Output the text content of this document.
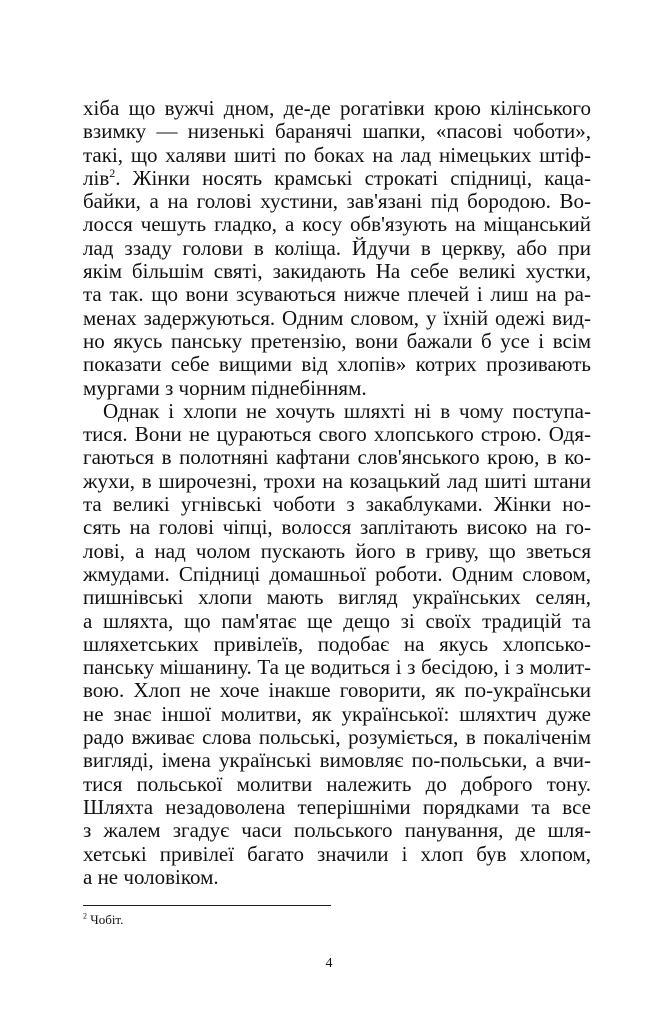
хіба що вужчі дном, де-де рогатівки крою кілінського
взимку — низенькі баранячі шапки, «пасові чоботи»,
такі, що халяви шиті по боках на лад німецьких штіф-
лів$^2$. Жінки носять крамські строкаті спідниці, каца-
байки, а на голові хустини, зав'язані під бородою. Во-
лосся чешуть гладко, а косу обв'язують на міщанський
лад ззаду голови в коліща. Йдучи в церкву, або при
якім більшім святі, закидають На себе великі хустки,
та так. що вони зсуваються нижче плечей і лиш на ра-
менах задержуються. Одним словом, у їхній одежі вид-
но якусь панську претензію, вони бажали б усе і всім
показати себе вищими від хлопів» котрих прозивають
мургами з чорним піднебінням.
Однак і хлопи не хочуть шляхті ні в чому поступа-
тися. Вони не цураються свого хлопського строю. Одя-
гаються в полотняні кафтани слов'янського крою, в ко-
жухи, в широчезні, трохи на козацький лад шиті штани
та великі угнівські чоботи з закаблуками. Жінки но-
сять на голові чіпці, волосся заплітають високо на го-
лові, а над чолом пускають його в гриву, що зветься
жмудами. Спідниці домашньої роботи. Одним словом,
пишнівські хлопи мають вигляд українських селян,
а шляхта, що пам'ятає ще дещо зі своїх традицій та
шляхетських привілеїв, подобає на якусь хлопсько-
панську мішанину. Та це водиться і з бесідою, і з молит-
вою. Хлоп не хоче інакше говорити, як по-українськи
не знає іншої молитви, як української: шляхтич дуже
радо вживає слова польські, розуміється, в покаліченім
вигляді, імена українські вимовляє по-польськи, а вчи-
тися польської молитви належить до доброго тону.
Шляхта незадоволена теперішніми порядками та все
з жалем згадує часи польського панування, де шля-
хетські привілеї багато значили і хлоп був хлопом,
а не чоловіком.
$^2$ Чобіт.
4
